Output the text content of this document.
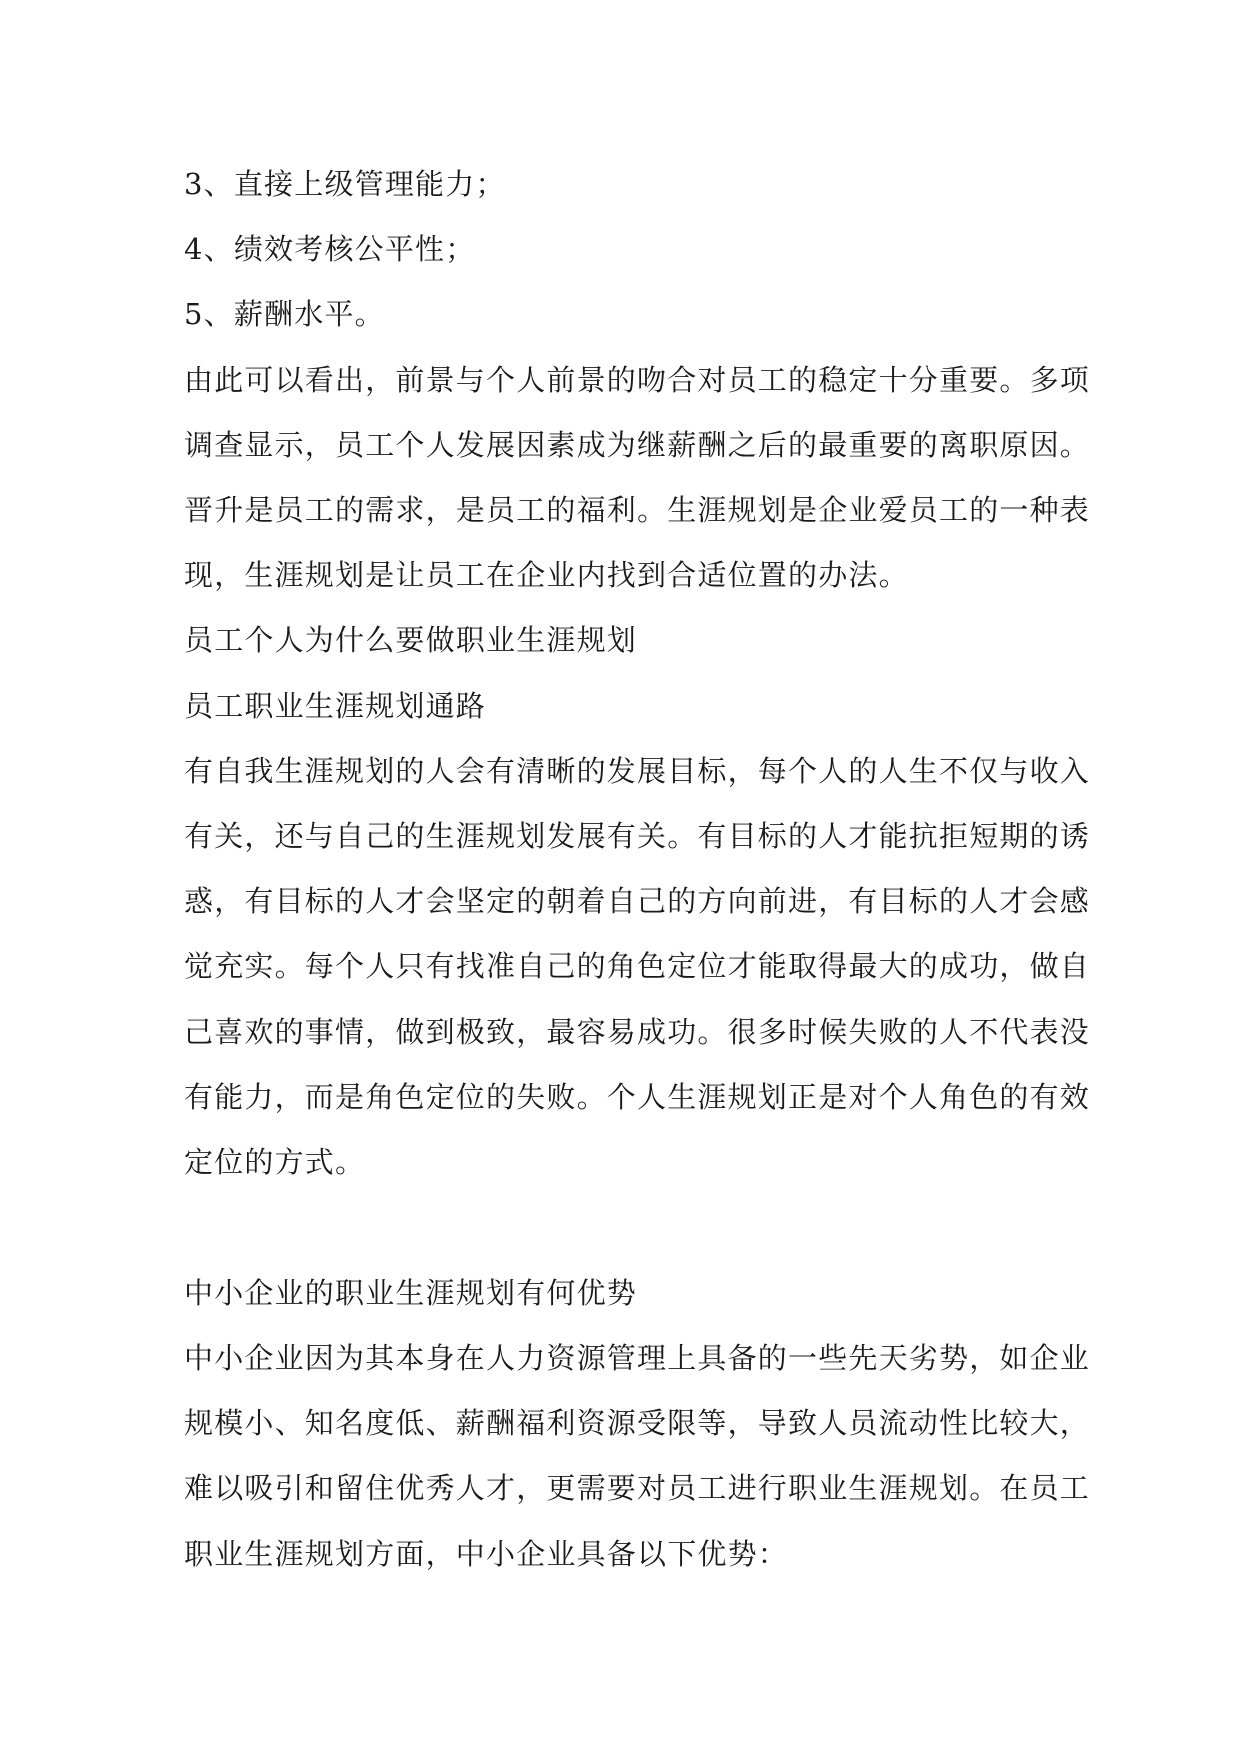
3、直接上级管理能力；

4、绩效考核公平性；

5、薪酬水平。

由此可以看出，前景与个人前景的吻合对员工的稳定十分重要。多项

调查显示，员工个人发展因素成为继薪酬之后的最重要的离职原因。

晋升是员工的需求，是员工的福利。生涯规划是企业爱员工的一种表

现，生涯规划是让员工在企业内找到合适位置的办法。

员工个人为什么要做职业生涯规划

员工职业生涯规划通路

有自我生涯规划的人会有清晰的发展目标，每个人的人生不仅与收入

有关，还与自己的生涯规划发展有关。有目标的人才能抗拒短期的诱

惑，有目标的人才会坚定的朝着自己的方向前进，有目标的人才会感

觉充实。每个人只有找准自己的角色定位才能取得最大的成功，做自

己喜欢的事情，做到极致，最容易成功。很多时候失败的人不代表没

有能力，而是角色定位的失败。个人生涯规划正是对个人角色的有效

定位的方式。

中小企业的职业生涯规划有何优势

中小企业因为其本身在人力资源管理上具备的一些先天劣势，如企业

规模小、知名度低、薪酬福利资源受限等，导致人员流动性比较大，

难以吸引和留住优秀人才，更需要对员工进行职业生涯规划。在员工

职业生涯规划方面，中小企业具备以下优势：
